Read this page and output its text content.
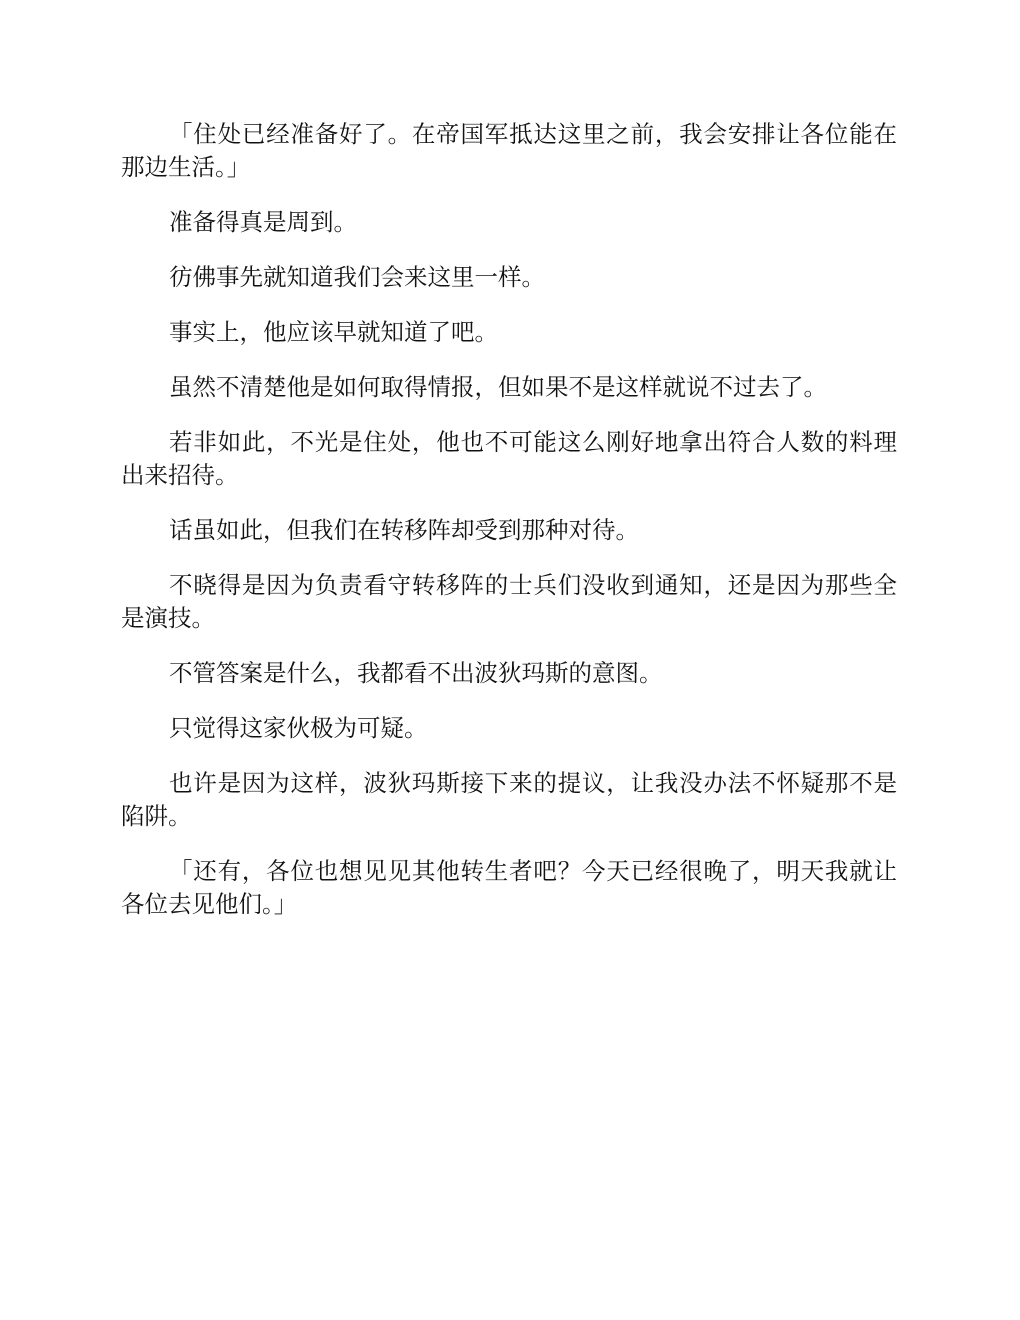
「住处已经准备好了。在帝国军抵达这里之前，我会安排让各位能在那边生活。」

准备得真是周到。

彷佛事先就知道我们会来这里一样。

事实上，他应该早就知道了吧。

虽然不清楚他是如何取得情报，但如果不是这样就说不过去了。

若非如此，不光是住处，他也不可能这么刚好地拿出符合人数的料理出来招待。

话虽如此，但我们在转移阵却受到那种对待。

不晓得是因为负责看守转移阵的士兵们没收到通知，还是因为那些全是演技。

不管答案是什么，我都看不出波狄玛斯的意图。

只觉得这家伙极为可疑。

也许是因为这样，波狄玛斯接下来的提议，让我没办法不怀疑那不是陷阱。

「还有，各位也想见见其他转生者吧？今天已经很晚了，明天我就让各位去见他们。」
